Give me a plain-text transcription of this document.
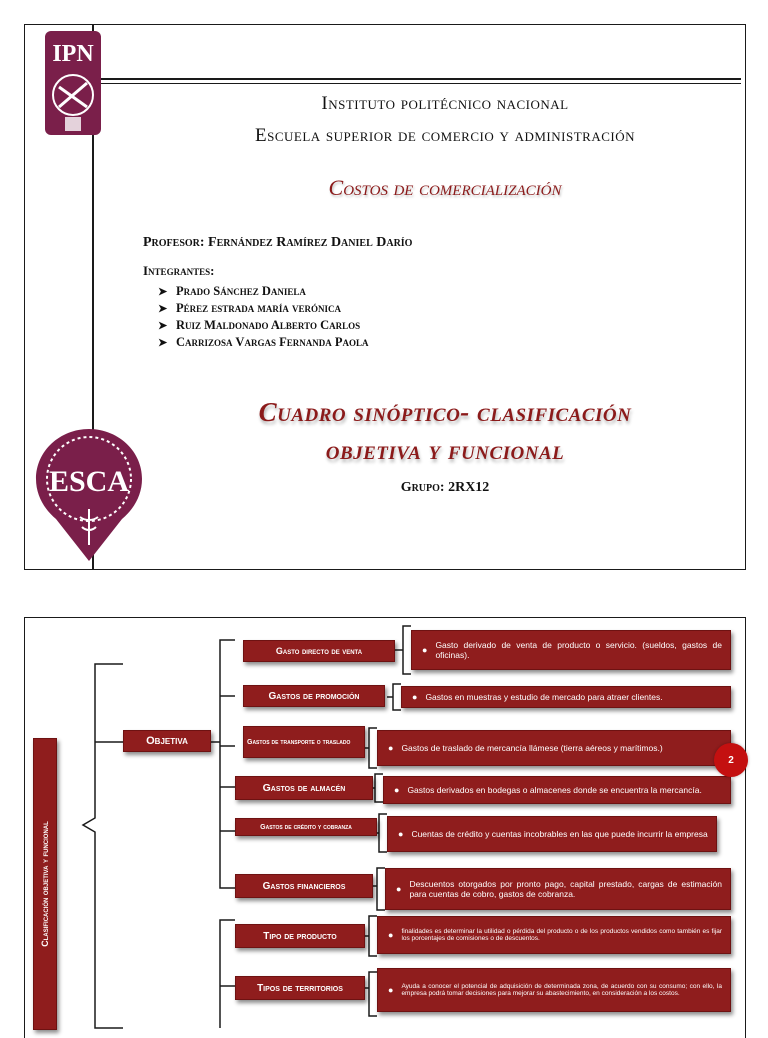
IPN
Instituto politécnico nacional
Escuela superior de comercio y administración
Costos de comercialización
Profesor: Fernández Ramírez Daniel Darío
Integrantes:
➤ Prado Sánchez Daniela
➤ Pérez estrada maría verónica
➤ Ruiz Maldonado Alberto Carlos
➤ Carrizosa Vargas Fernanda Paola
Cuadro sinóptico- clasificación
objetiva y funcional
Grupo: 2RX12
ESCA
Clasificación objetiva y funcional
Objetiva
Gasto directo de venta	● Gasto derivado de venta de producto o servicio. (sueldos, gastos de oficinas).
Gastos de promoción	● Gastos en muestras y estudio de mercado para atraer clientes.
Gastos de transporte o traslado
● Gastos de traslado de mercancía llámese (tierra aéreos y marítimos.)
Gastos de almacén	● Gastos derivados en bodegas o almacenes donde se encuentra la mercancía.
Gastos de crédito y cobranza
● Cuentas de crédito y cuentas incobrables en las que puede incurrir la empresa
Gastos financieros	● Descuentos otorgados por pronto pago, capital prestado, cargas de estimación para cuentas de cobro, gastos de cobranza.
Tipo de producto	● finalidades es determinar la utilidad o pérdida del producto o de los productos vendidos como también es fijar los porcentajes de comisiones o de descuentos.
Tipos de territorios	● Ayuda a conocer el potencial de adquisición de determinada zona, de acuerdo con su consumo; con ello, la empresa podrá tomar decisiones para mejorar su abastecimiento, en consideración a los costos.
2
